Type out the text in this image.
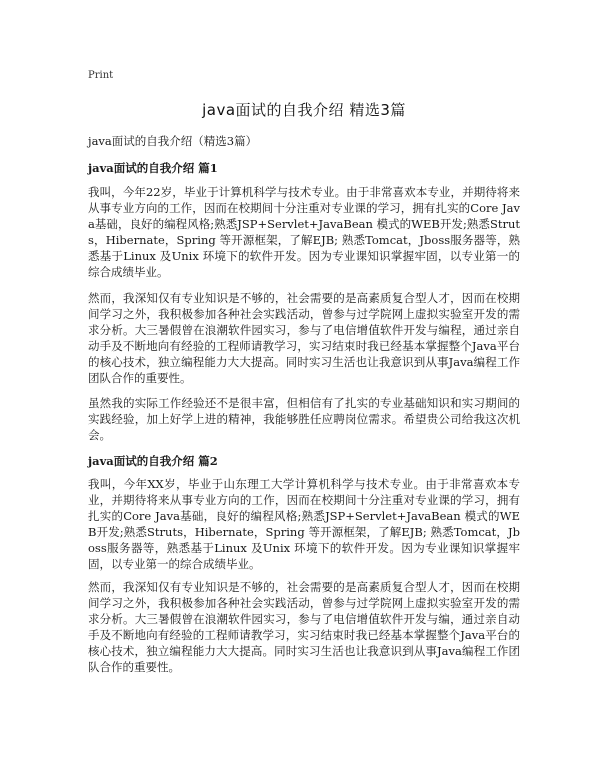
Print
java面试的自我介绍 精选3篇
java面试的自我介绍（精选3篇）
java面试的自我介绍 篇1
我叫，今年22岁，毕业于计算机科学与技术专业。由于非常喜欢本专业，并期待将来从事专业方向的工作，因而在校期间十分注重对专业课的学习，拥有扎实的Core Java基础，良好的编程风格;熟悉JSP+Servlet+JavaBean 模式的WEB开发;熟悉Struts，Hibernate，Spring 等开源框架，了解EJB; 熟悉Tomcat，Jboss服务器等，熟悉基于Linux 及Unix 环境下的软件开发。因为专业课知识掌握牢固，以专业第一的综合成绩毕业。
然而，我深知仅有专业知识是不够的，社会需要的是高素质复合型人才，因而在校期间学习之外，我积极参加各种社会实践活动，曾参与过学院网上虚拟实验室开发的需求分析。大三暑假曾在浪潮软件园实习，参与了电信增值软件开发与编程，通过亲自动手及不断地向有经验的工程师请教学习，实习结束时我已经基本掌握整个Java平台的核心技术，独立编程能力大大提高。同时实习生活也让我意识到从事Java编程工作团队合作的重要性。
虽然我的实际工作经验还不是很丰富，但相信有了扎实的专业基础知识和实习期间的实践经验，加上好学上进的精神，我能够胜任应聘岗位需求。希望贵公司给我这次机会。
java面试的自我介绍 篇2
我叫，今年XX岁，毕业于山东理工大学计算机科学与技术专业。由于非常喜欢本专业，并期待将来从事专业方向的工作，因而在校期间十分注重对专业课的学习，拥有扎实的Core Java基础，良好的编程风格;熟悉JSP+Servlet+JavaBean 模式的WEB开发;熟悉Struts，Hibernate，Spring 等开源框架，了解EJB; 熟悉Tomcat，Jboss服务器等，熟悉基于Linux 及Unix 环境下的软件开发。因为专业课知识掌握牢固，以专业第一的综合成绩毕业。
然而，我深知仅有专业知识是不够的，社会需要的是高素质复合型人才，因而在校期间学习之外，我积极参加各种社会实践活动，曾参与过学院网上虚拟实验室开发的需求分析。大三暑假曾在浪潮软件园实习，参与了电信增值软件开发与编，通过亲自动手及不断地向有经验的工程师请教学习，实习结束时我已经基本掌握整个Java平台的核心技术，独立编程能力大大提高。同时实习生活也让我意识到从事Java编程工作团队合作的重要性。
